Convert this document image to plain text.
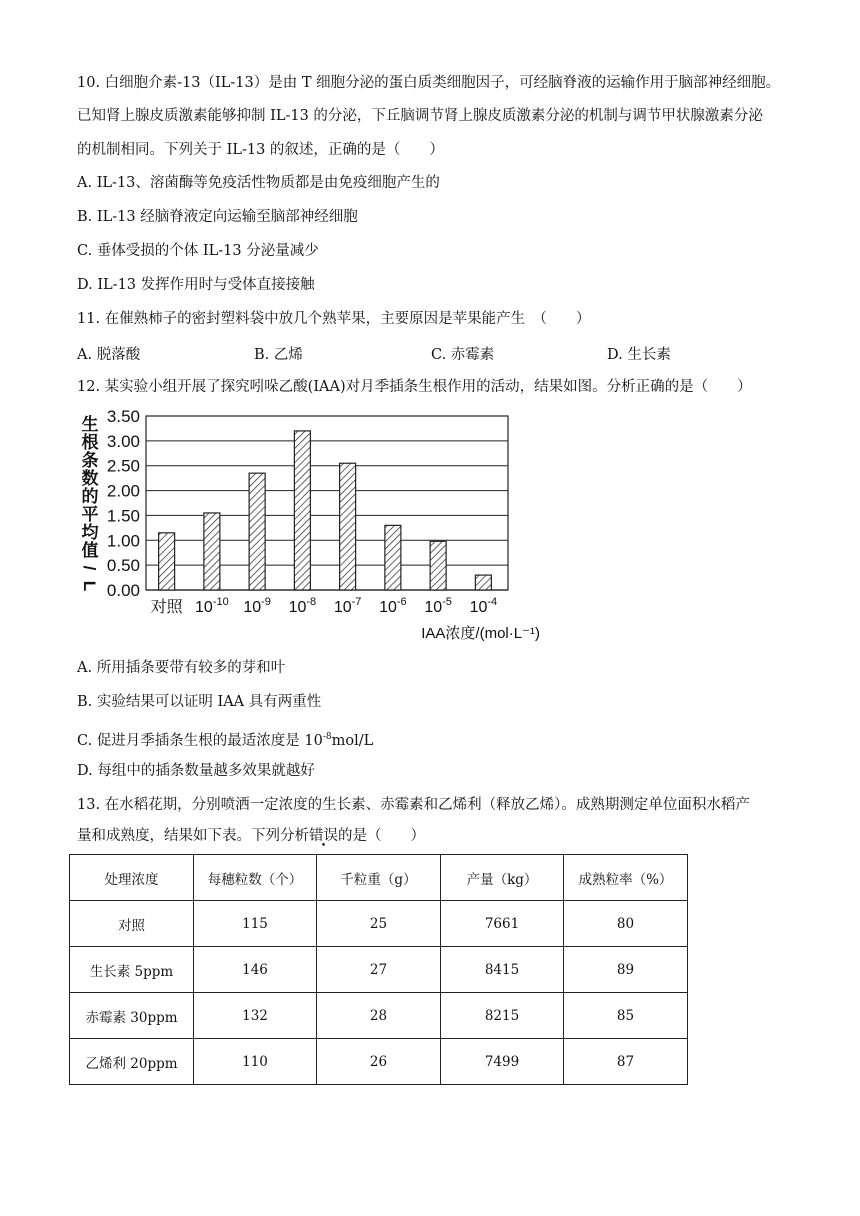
10. 白细胞介素-13（IL-13）是由 T 细胞分泌的蛋白质类细胞因子，可经脑脊液的运输作用于脑部神经细胞。
已知肾上腺皮质激素能够抑制 IL-13 的分泌，下丘脑调节肾上腺皮质激素分泌的机制与调节甲状腺激素分泌
的机制相同。下列关于 IL-13 的叙述，正确的是（　　）
A. IL-13、溶菌酶等免疫活性物质都是由免疫细胞产生的
B. IL-13 经脑脊液定向运输至脑部神经细胞
C. 垂体受损的个体 IL-13 分泌量减少
D. IL-13 发挥作用时与受体直接接触
11. 在催熟柿子的密封塑料袋中放几个熟苹果，主要原因是苹果能产生　（　　）
A. 脱落酸	B. 乙烯	C. 赤霉素	D. 生长素
12. 某实验小组开展了探究吲哚乙酸(IAA)对月季插条生根作用的活动，结果如图。分析正确的是（　　）
0.00
0.50
1.00
1.50
2.00
2.50
3.00
3.50
对照 $10^{-10}$ $10^{-9}$ $10^{-8}$ $10^{-7}$ $10^{-6}$ $10^{-5}$ $10^{-4}$
生
根
条
数
的
平
均
值
/
L
IAA浓度/(mol·L⁻¹)
A. 所用插条要带有较多的芽和叶
B. 实验结果可以证明 IAA 具有两重性
C. 促进月季插条生根的最适浓度是 $10^{-8}mol/L$
D. 每组中的插条数量越多效果就越好
13. 在水稻花期，分别喷洒一定浓度的生长素、赤霉素和乙烯利（释放乙烯）。成熟期测定单位面积水稻产
量和成熟度，结果如下表。下列分析错误的是（　　）
处理浓度	每穗粒数（个）	千粒重（g）	产量（kg）	成熟粒率（%）
对照	115	25	7661	80
生长素 5ppm	146	27	8415	89
赤霉素 30ppm	132	28	8215	85
乙烯利 20ppm	110	26	7499	87
